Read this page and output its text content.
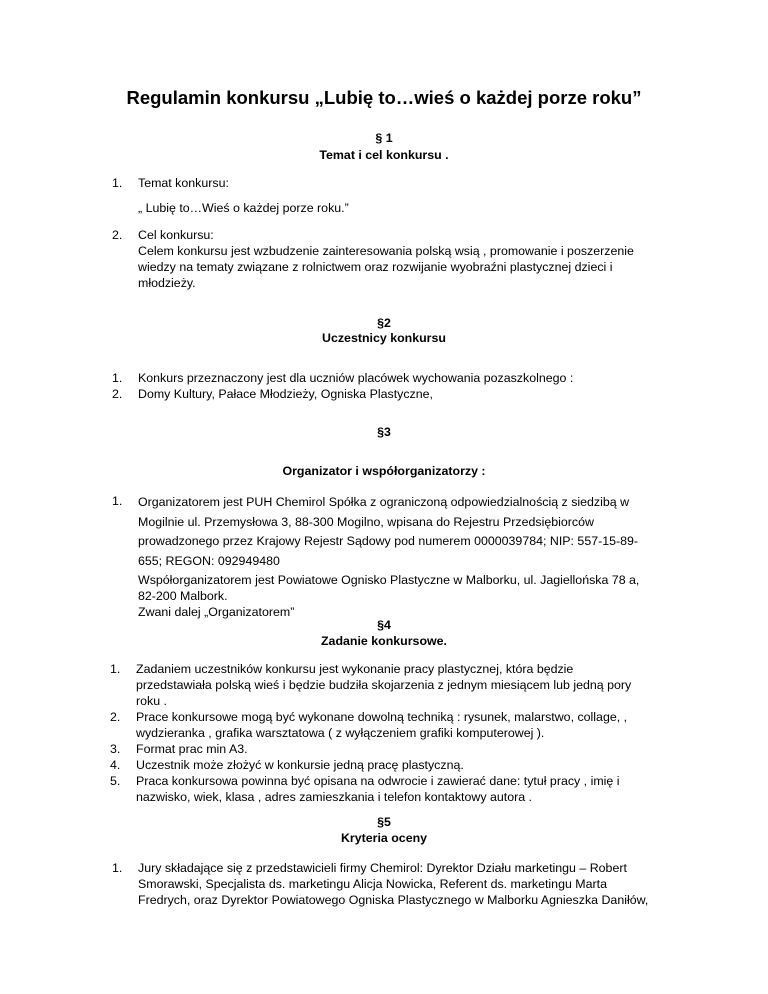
Regulamin konkursu „Lubię to…wieś o każdej porze roku”
§ 1
Temat i cel konkursu .
1. Temat konkursu:
„ Lubię to…Wieś o każdej porze roku.”
2. Cel konkursu:
Celem konkursu jest wzbudzenie zainteresowania polską wsią , promowanie i poszerzenie
wiedzy na tematy związane z rolnictwem oraz rozwijanie wyobraźni plastycznej dzieci i
młodzieży.
§2
Uczestnicy konkursu
1. Konkurs przeznaczony jest dla uczniów placówek wychowania pozaszkolnego :
2. Domy Kultury, Pałace Młodzieży, Ogniska Plastyczne,
§3
Organizator i współorganizatorzy :
1. Organizatorem jest PUH Chemirol Spółka z ograniczoną odpowiedzialnością z siedzibą w
Mogilnie ul. Przemysłowa 3, 88-300 Mogilno, wpisana do Rejestru Przedsiębiorców
prowadzonego przez Krajowy Rejestr Sądowy pod numerem 0000039784; NIP: 557-15-89-
655; REGON: 092949480
Współorganizatorem jest Powiatowe Ognisko Plastyczne w Malborku, ul. Jagiellońska 78 a,
82-200 Malbork.
Zwani dalej „Organizatorem”
§4
Zadanie konkursowe.
1. Zadaniem uczestników konkursu jest wykonanie pracy plastycznej, która będzie
przedstawiała polską wieś i będzie budziła skojarzenia z jednym miesiącem lub jedną pory
roku .
2. Prace konkursowe mogą być wykonane dowolną techniką : rysunek, malarstwo, collage, ,
wydzieranka , grafika warsztatowa ( z wyłączeniem grafiki komputerowej ).
3. Format prac min A3.
4. Uczestnik może złożyć w konkursie jedną pracę plastyczną.
5. Praca konkursowa powinna być opisana na odwrocie i zawierać dane: tytuł pracy , imię i
nazwisko, wiek, klasa , adres zamieszkania i telefon kontaktowy autora .
§5
Kryteria oceny
1. Jury składające się z przedstawicieli firmy Chemirol: Dyrektor Działu marketingu – Robert
Smorawski, Specjalista ds. marketingu Alicja Nowicka, Referent ds. marketingu Marta
Fredrych, oraz Dyrektor Powiatowego Ogniska Plastycznego w Malborku Agnieszka Daniłów,
